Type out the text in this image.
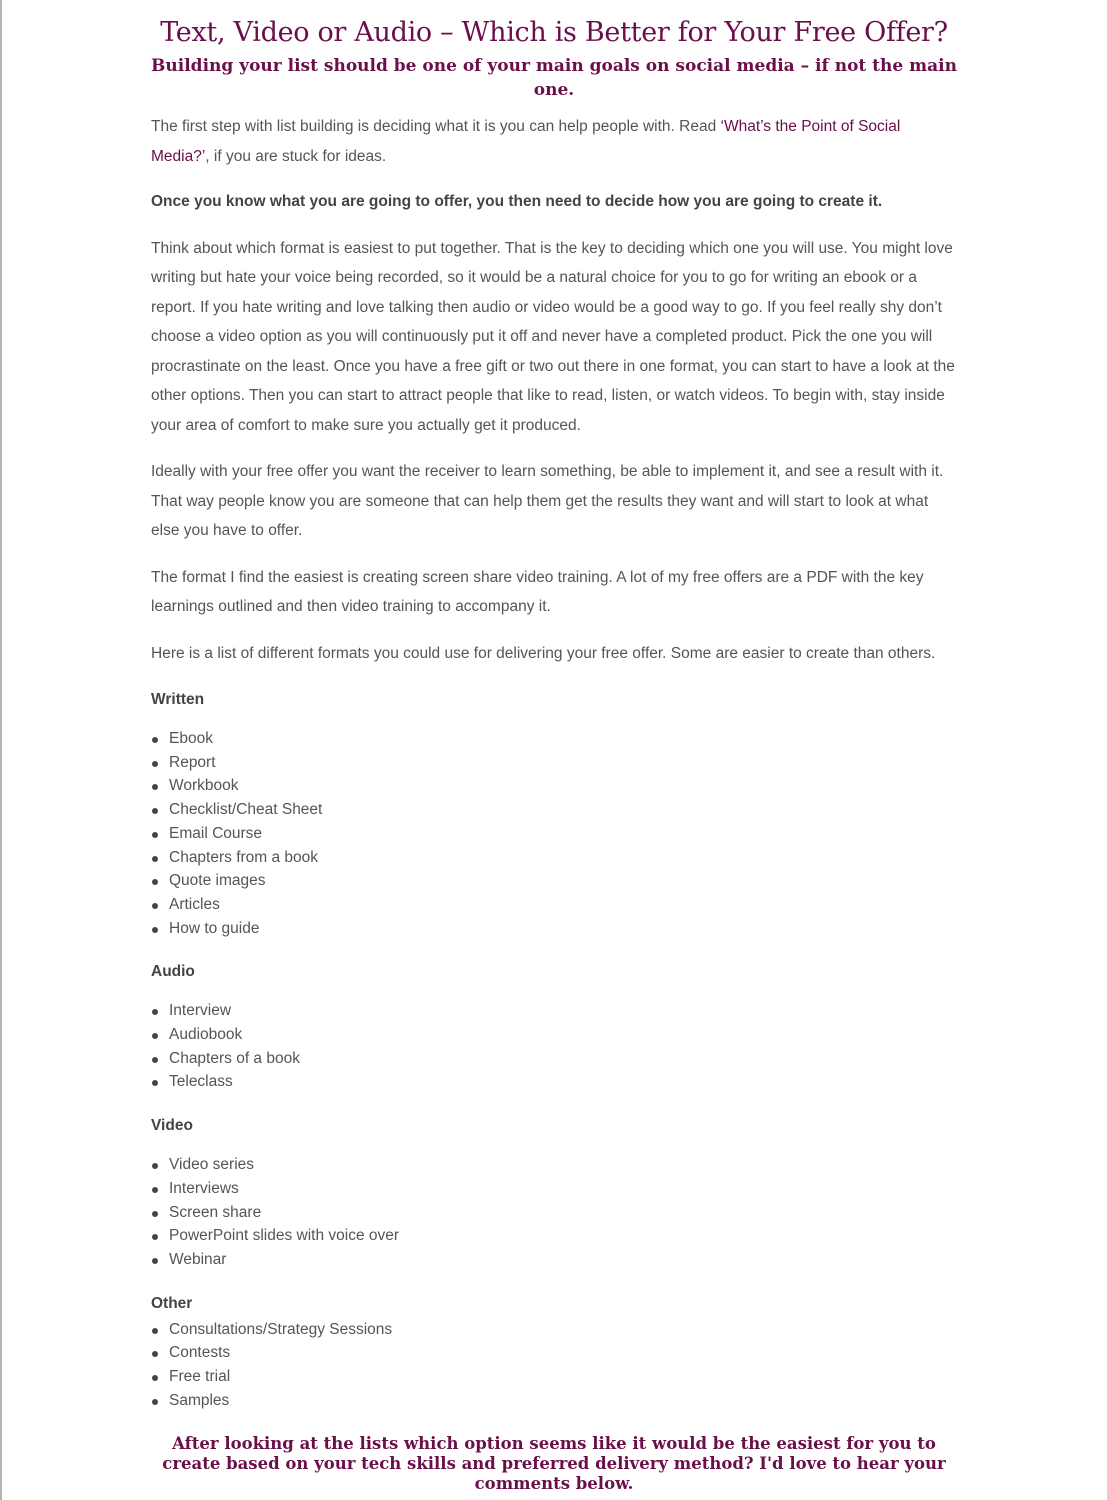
Text, Video or Audio – Which is Better for Your Free Offer?
Building your list should be one of your main goals on social media – if not the main one.

The first step with list building is deciding what it is you can help people with. Read ‘What’s the Point of Social Media?’, if you are stuck for ideas.

Once you know what you are going to offer, you then need to decide how you are going to create it.

Think about which format is easiest to put together. That is the key to deciding which one you will use. You might love writing but hate your voice being recorded, so it would be a natural choice for you to go for writing an ebook or a report. If you hate writing and love talking then audio or video would be a good way to go. If you feel really shy don’t choose a video option as you will continuously put it off and never have a completed product. Pick the one you will procrastinate on the least. Once you have a free gift or two out there in one format, you can start to have a look at the other options. Then you can start to attract people that like to read, listen, or watch videos. To begin with, stay inside your area of comfort to make sure you actually get it produced.

Ideally with your free offer you want the receiver to learn something, be able to implement it, and see a result with it. That way people know you are someone that can help them get the results they want and will start to look at what else you have to offer.

The format I find the easiest is creating screen share video training. A lot of my free offers are a PDF with the key learnings outlined and then video training to accompany it.

Here is a list of different formats you could use for delivering your free offer. Some are easier to create than others.

Written
Ebook
Report
Workbook
Checklist/Cheat Sheet
Email Course
Chapters from a book
Quote images
Articles
How to guide
Audio
Interview
Audiobook
Chapters of a book
Teleclass
Video
Video series
Interviews
Screen share
PowerPoint slides with voice over
Webinar
Other
Consultations/Strategy Sessions
Contests
Free trial
Samples
After looking at the lists which option seems like it would be the easiest for you to create based on your tech skills and preferred delivery method? I'd love to hear your comments below.
